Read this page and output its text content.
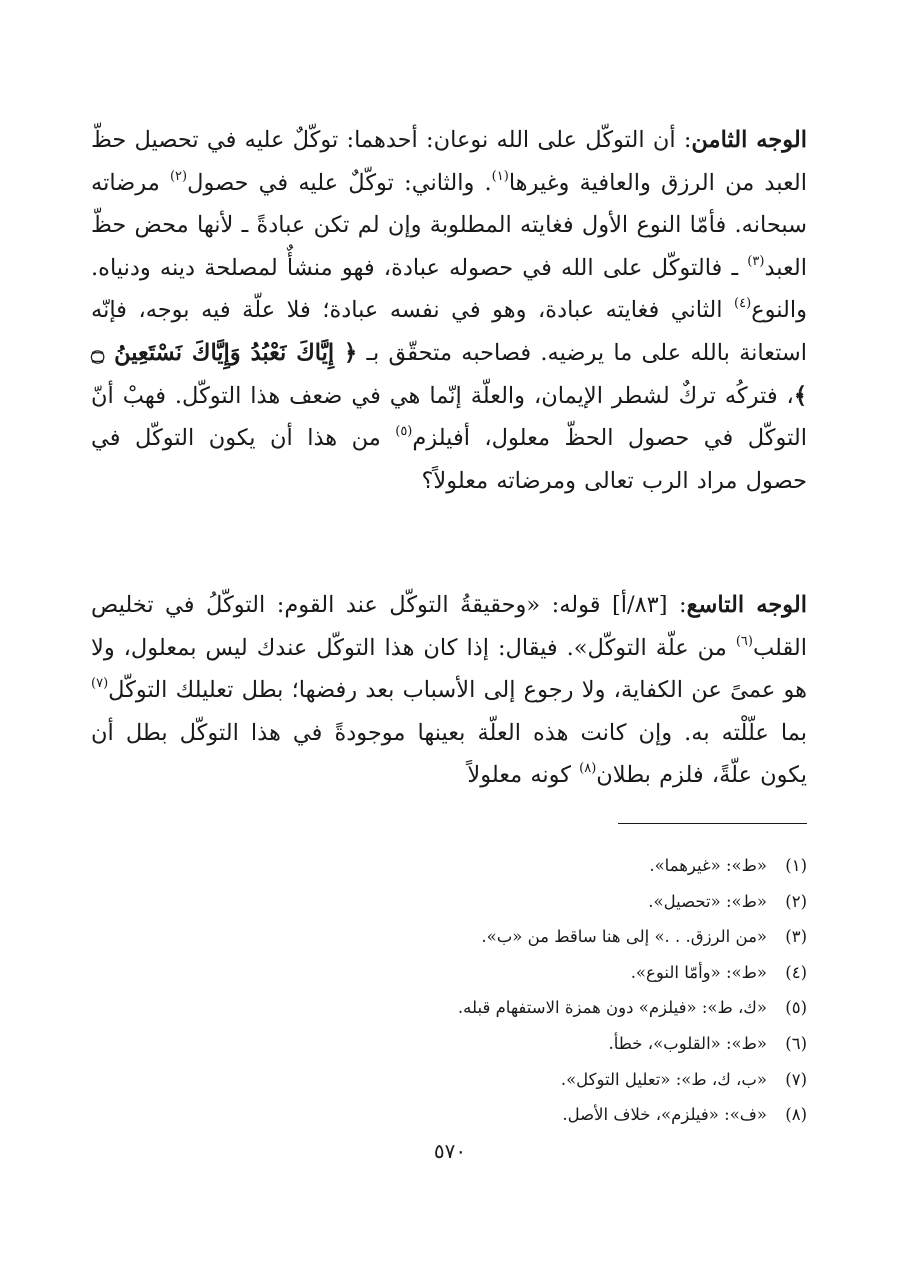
الوجه الثامن: أن التوكّل على الله نوعان: أحدهما: توكّلٌ عليه في تحصيل حظّ العبد من الرزق والعافية وغيرها$^{(١)}$. والثاني: توكّلٌ عليه في حصول$^{(٢)}$ مرضاته سبحانه. فأمّا النوع الأول فغايته المطلوبة وإن لم تكن عبادةً ـ لأنها محض حظّ العبد$^{(٣)}$ ـ فالتوكّل على الله في حصوله عبادة، فهو منشأٌ لمصلحة دينه ودنياه. والنوع$^{(٤)}$ الثاني فغايته عبادة، وهو في نفسه عبادة؛ فلا علّة فيه بوجه، فإنّه استعانة بالله على ما يرضيه. فصاحبه متحقّق بـ ﴿ إِيَّاكَ نَعْبُدُ وَإِيَّاكَ نَسْتَعِينُ ۝ ﴾، فتركُه تركٌ لشطر الإيمان، والعلّة إنّما هي في ضعف هذا التوكّل. فهبْ أنّ التوكّل في حصول الحظّ معلول، أفيلزم$^{(٥)}$ من هذا أن يكون التوكّل في حصول مراد الرب تعالى ومرضاته معلولاً؟

الوجه التاسع: [٨٣/أ] قوله: «وحقيقةُ التوكّل عند القوم: التوكّلُ في تخليص القلب$^{(٦)}$ من علّة التوكّل». فيقال: إذا كان هذا التوكّل عندك ليس بمعلول، ولا هو عمىً عن الكفاية، ولا رجوع إلى الأسباب بعد رفضها؛ بطل تعليلك التوكّل$^{(٧)}$ بما علّلْته به. وإن كانت هذه العلّة بعينها موجودةً في هذا التوكّل بطل أن يكون علّةً، فلزم بطلان$^{(٨)}$ كونه معلولاً

(١)
«ط»: «غيرهما».
(٢)
«ط»: «تحصيل».
(٣)
«من الرزق. . .» إلى هنا ساقط من «ب».
(٤)
«ط»: «وأمّا النوع».
(٥)
«ك، ط»: «فيلزم» دون همزة الاستفهام قبله.
(٦)
«ط»: «القلوب»، خطأ.
(٧)
«ب، ك، ط»: «تعليل التوكل».
(٨)
«ف»: «فيلزم»، خلاف الأصل.
٥٧٠
